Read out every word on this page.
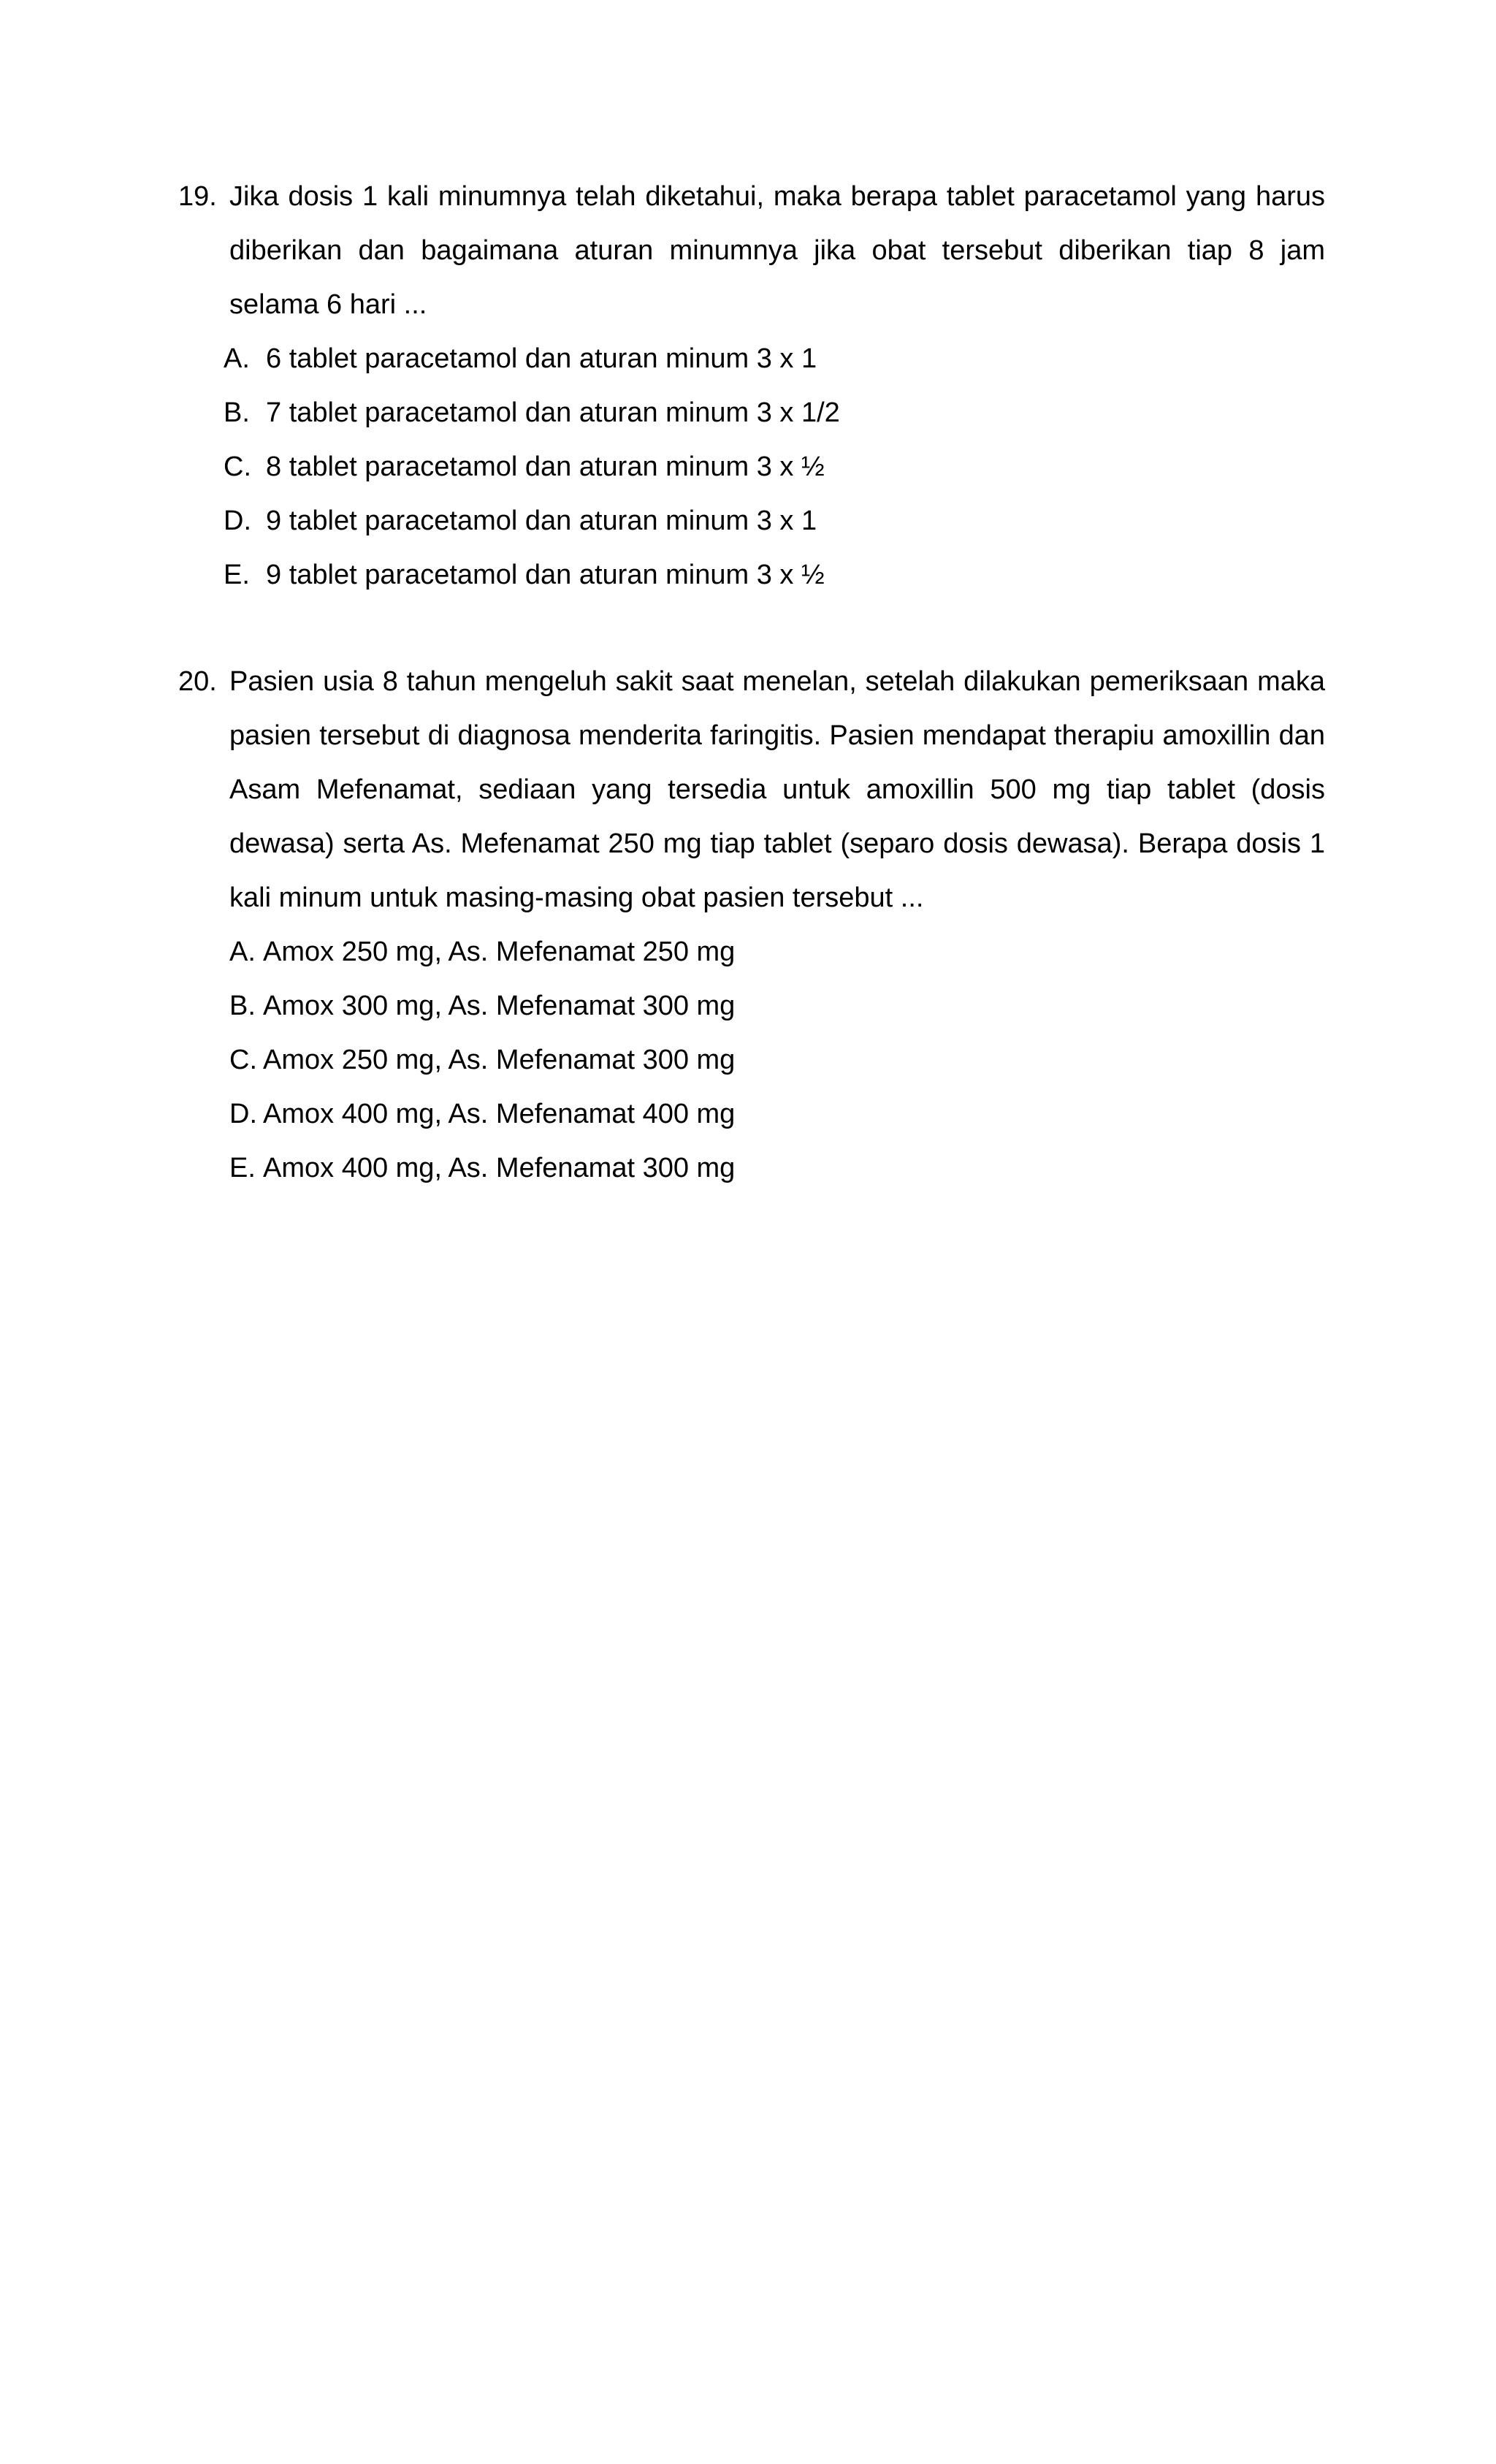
19. Jika dosis 1 kali minumnya telah diketahui, maka berapa tablet paracetamol yang harus diberikan dan bagaimana aturan minumnya jika obat tersebut diberikan tiap 8 jam selama 6 hari ...
A. 6 tablet paracetamol dan aturan minum 3 x 1
B. 7 tablet paracetamol dan aturan minum 3 x 1/2
C. 8 tablet paracetamol dan aturan minum 3 x ½
D. 9 tablet paracetamol dan aturan minum 3 x 1
E. 9 tablet paracetamol dan aturan minum 3 x ½
20. Pasien usia 8 tahun mengeluh sakit saat menelan, setelah dilakukan pemeriksaan maka pasien tersebut di diagnosa menderita faringitis. Pasien mendapat therapiu amoxillin dan Asam Mefenamat, sediaan yang tersedia untuk amoxillin 500 mg tiap tablet (dosis dewasa) serta As. Mefenamat 250 mg tiap tablet (separo dosis dewasa). Berapa dosis 1 kali minum untuk masing-masing obat pasien tersebut ...
A. Amox 250 mg, As. Mefenamat 250 mg
B. Amox 300 mg, As. Mefenamat 300 mg
C. Amox 250 mg, As. Mefenamat 300 mg
D. Amox 400 mg, As. Mefenamat 400 mg
E. Amox 400 mg, As. Mefenamat 300 mg
